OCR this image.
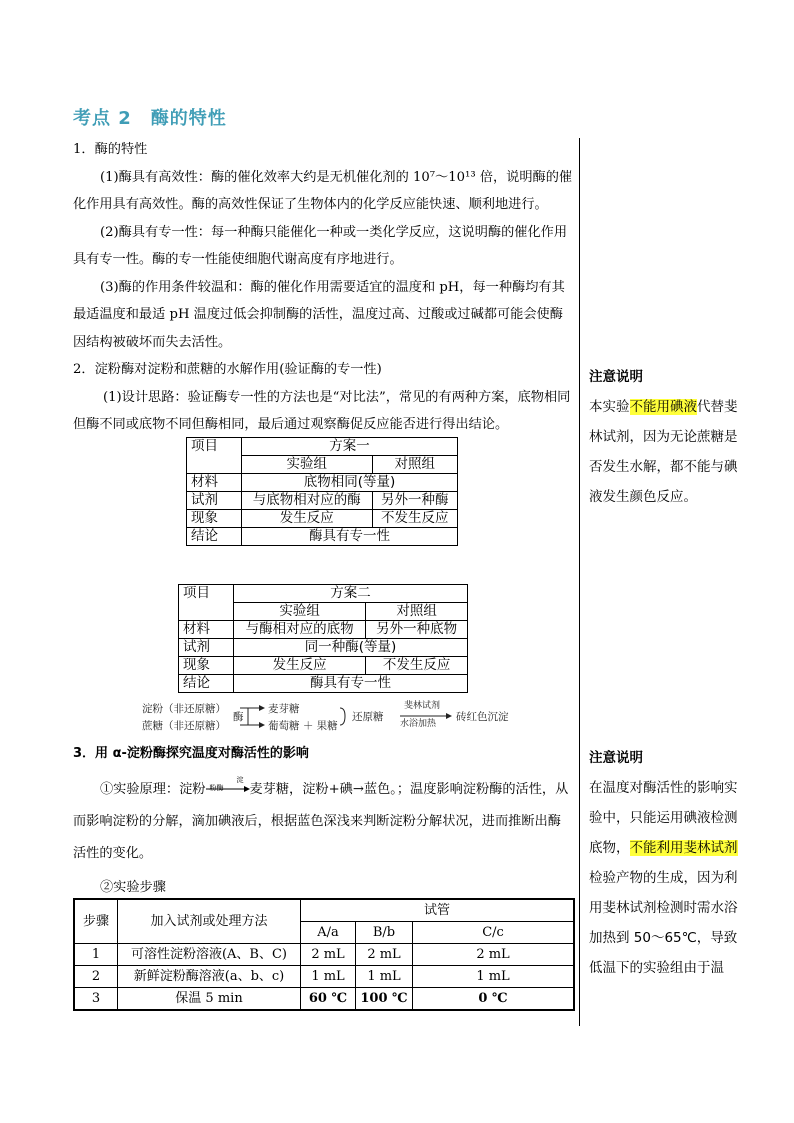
考点 2　酶的特性

1．酶的特性

(1)酶具有高效性：酶的催化效率大约是无机催化剂的 10⁷～10¹³ 倍，说明酶的催化作用具有高效性。酶的高效性保证了生物体内的化学反应能快速、顺利地进行。

(2)酶具有专一性：每一种酶只能催化一种或一类化学反应，这说明酶的催化作用具有专一性。酶的专一性能使细胞代谢高度有序地进行。

(3)酶的作用条件较温和：酶的催化作用需要适宜的温度和 pH，每一种酶均有其最适温度和最适 pH 温度过低会抑制酶的活性，温度过高、过酸或过碱都可能会使酶因结构被破坏而失去活性。

2．淀粉酶对淀粉和蔗糖的水解作用(验证酶的专一性)

(1)设计思路：验证酶专一性的方法也是“对比法”，常见的有两种方案，底物相同但酶不同或底物不同但酶相同，最后通过观察酶促反应能否进行得出结论。

项目	方案一	
	实验组	对照组
材料	底物相同(等量)	
试剂	与底物相对应的酶	另外一种酶
现象	发生反应	不发生反应
结论	酶具有专一性	
项目	方案二	
	实验组	对照组
材料	与酶相对应的底物	另外一种底物
试剂	同一种酶(等量)	
现象	发生反应	不发生反应
结论	酶具有专一性	
淀粉（非还原糖）
蔗糖（非还原糖）
酶
麦芽糖
葡萄糖 ＋ 果糖
还原糖
斐林试剂
水浴加热
砖红色沉淀

3．用 α-淀粉酶探究温度对酶活性的影响

①实验原理：淀粉
淀粉酶	麦芽糖，淀粉+碘→蓝色。；温度影响淀粉酶的活性，从而影响淀粉的分解，滴加碘液后，根据蓝色深浅来判断淀粉分解状况，进而推断出酶活性的变化。

②实验步骤

步骤	加入试剂或处理方法	试管		
		A/a	B/b	C/c
1	可溶性淀粉溶液(A、B、C)	2 mL	2 mL	2 mL
2	新鲜淀粉酶溶液(a、b、c)	1 mL	1 mL	1 mL
3	保温 5 min	60 ℃	100 ℃	0 ℃

注意说明

本实验不能用碘液代替斐林试剂，因为无论蔗糖是否发生水解，都不能与碘液发生颜色反应。

注意说明

在温度对酶活性的影响实验中，只能运用碘液检测底物，不能利用斐林试剂检验产物的生成，因为利用斐林试剂检测时需水浴加热到 50～65℃，导致低温下的实验组由于温
